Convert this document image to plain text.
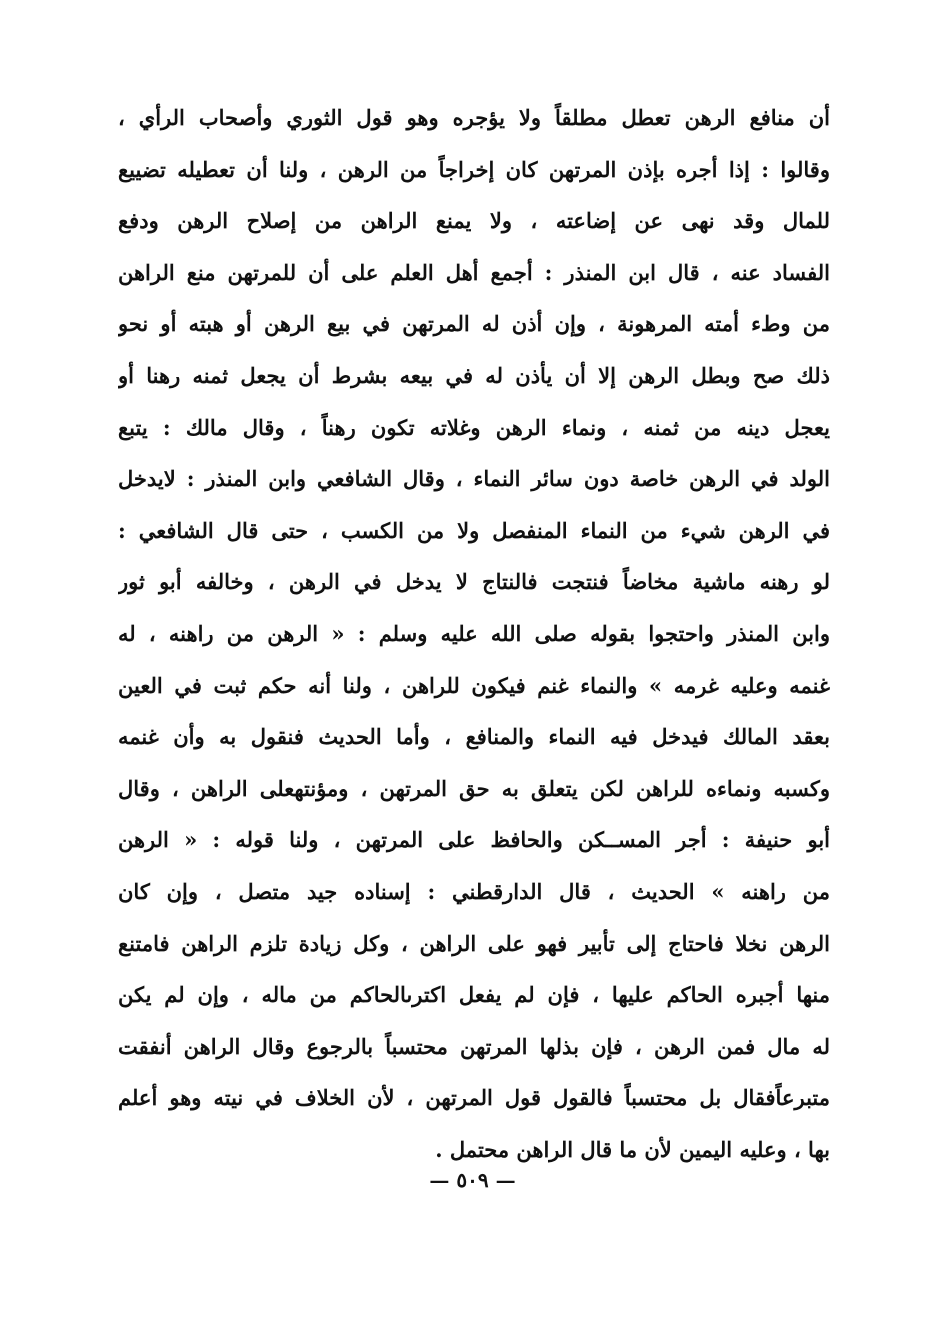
أن منافع الرهن تعطل مطلقاً ولا يؤجره وهو قول الثوري وأصحاب الرأي ،
وقالوا : إذا أجره بإذن المرتهن كان إخراجاً من الرهن ، ولنا أن تعطيله تضييع
للمال وقد نهى عن إضاعته ، ولا يمنع الراهن من إصلاح الرهن ودفع
الفساد عنه ، قال ابن المنذر : أجمع أهل العلم على أن للمرتهن منع الراهن
من وطء أمته المرهونة ، وإن أذن له المرتهن في بيع الرهن أو هبته أو نحو
ذلك صح وبطل الرهن إلا أن يأذن له في بيعه بشرط أن يجعل ثمنه رهنا أو
يعجل دينه من ثمنه ، ونماء الرهن وغلاته تكون رهناً ، وقال مالك : يتبع
الولد في الرهن خاصة دون سائر النماء ، وقال الشافعي وابن المنذر : لايدخل
في الرهن شيء من النماء المنفصل ولا من الكسب ، حتى قال الشافعي :
لو رهنه ماشية مخاضاً فنتجت فالنتاج لا يدخل في الرهن ، وخالفه أبو ثور
وابن المنذر واحتجوا بقوله صلى الله عليه وسلم : « الرهن من راهنه ، له
غنمه وعليه غرمه » والنماء غنم فيكون للراهن ، ولنا أنه حكم ثبت في العين
بعقد المالك فيدخل فيه النماء والمنافع ، وأما الحديث فنقول به وأن غنمه
وكسبه ونماءه للراهن لكن يتعلق به حق المرتهن ، ومؤنتهعلى الراهن ، وقال
أبو حنيفة : أجر المســكن والحافظ على المرتهن ، ولنا قوله : « الرهن
من راهنه » الحديث ، قال الدارقطني : إسناده جيد متصل ، وإن كان
الرهن نخلا فاحتاج إلى تأبير فهو على الراهن ، وكل زيادة تلزم الراهن فامتنع
منها أجبره الحاكم عليها ، فإن لم يفعل اكترىالحاكم من ماله ، وإن لم يكن
له مال فمن الرهن ، فإن بذلها المرتهن محتسباً بالرجوع وقال الراهن أنفقت
متبرعاًفقال بل محتسباً فالقول قول المرتهن ، لأن الخلاف في نيته وهو أعلم
بها ، وعليه اليمين لأن ما قال الراهن محتمل .
— ٥٠٩ —
